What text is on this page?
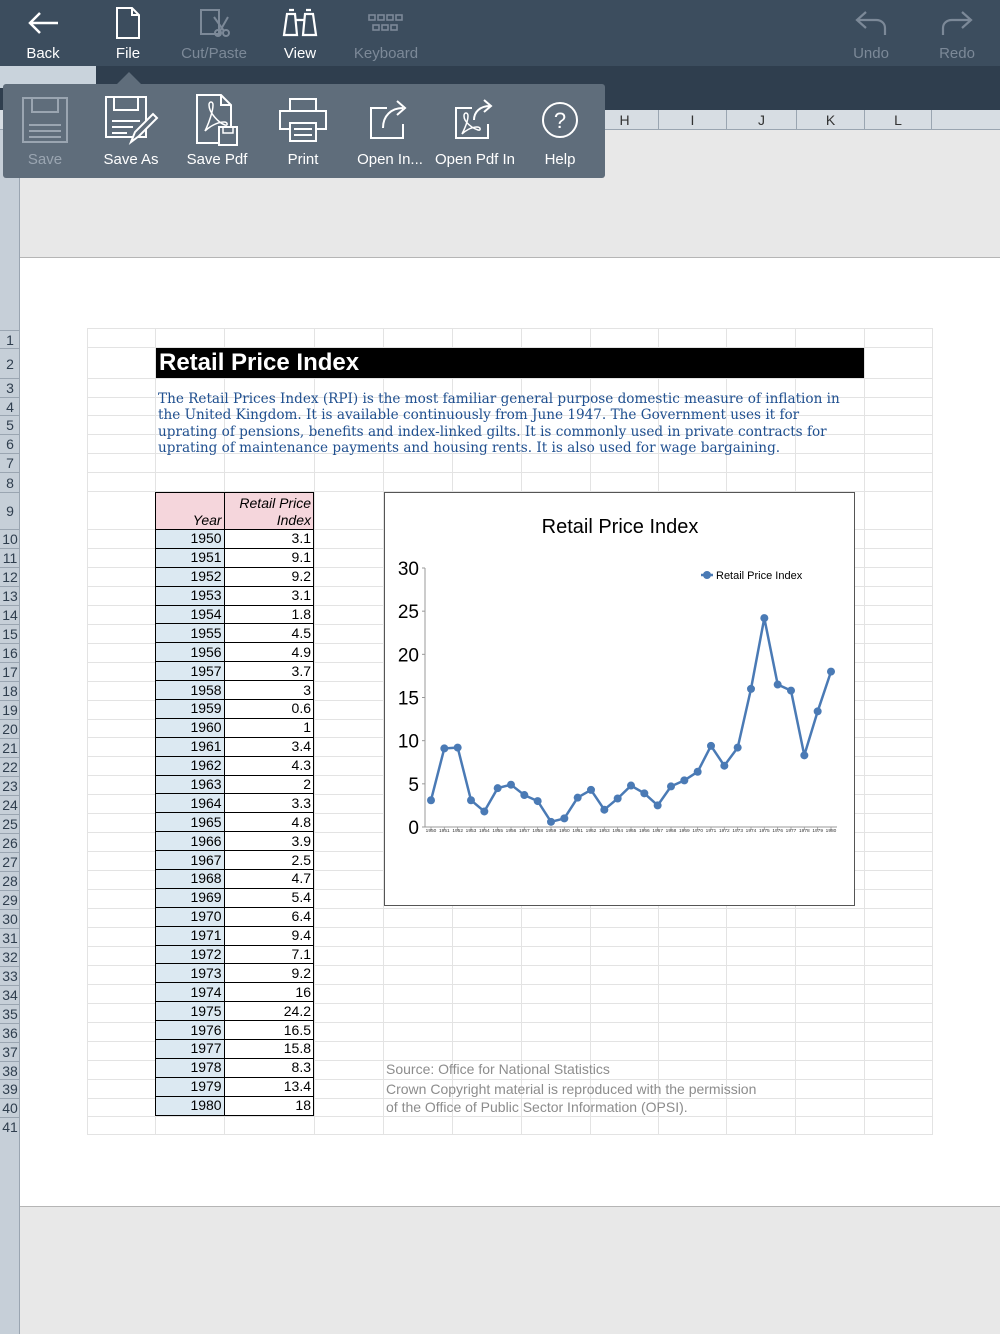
Back	File	Cut/Paste	View	Keyboard	Undo	Redo
Save	Save As	Save Pdf	Print	Open In... Open Pdf In
?
Help
H	I	J	K	L
1
2
3
4
5
6
7
8
9
10
11
12
13
14
15
16
17
18
19
20
21
22
23
24
25
26
27
28
29
30
31
32
33
34
35
36
37
38
39
40
41
Retail Price Index
The Retail Prices Index (RPI) is the most familiar general purpose domestic measure of inflation in the United Kingdom. It is available continuously from June 1947. The Government uses it for uprating of pensions, benefits and index-linked gilts. It is commonly used in private contracts for uprating of maintenance payments and housing rents. It is also used for wage bargaining.
Year	Retail Price
Index
1950	3.1
1951	9.1
1952	9.2
1953	3.1
1954	1.8
1955	4.5
1956	4.9
1957	3.7
1958	3
1959	0.6
1960	1
1961	3.4
1962	4.3
1963	2
1964	3.3
1965	4.8
1966	3.9
1967	2.5
1968	4.7
1969	5.4
1970	6.4
1971	9.4
1972	7.1
1973	9.2
1974	16
1975	24.2
1976	16.5
1977	15.8
1978	8.3
1979	13.4
1980	18
Retail Price Index
0
5
10
15
20
25
30
1950 1951 1952 1953 1954 1955 1956 1957 1958 1959 1960 1961 1962 1963 1964 1965 1966 1967 1968 1969 1970 1971 1972 1973 1974 1975 1976 1977 1978 1979 1980
Retail Price Index
Source: Office for National Statistics
Crown Copyright material is reproduced with the permission
of the Office of Public Sector Information (OPSI).
